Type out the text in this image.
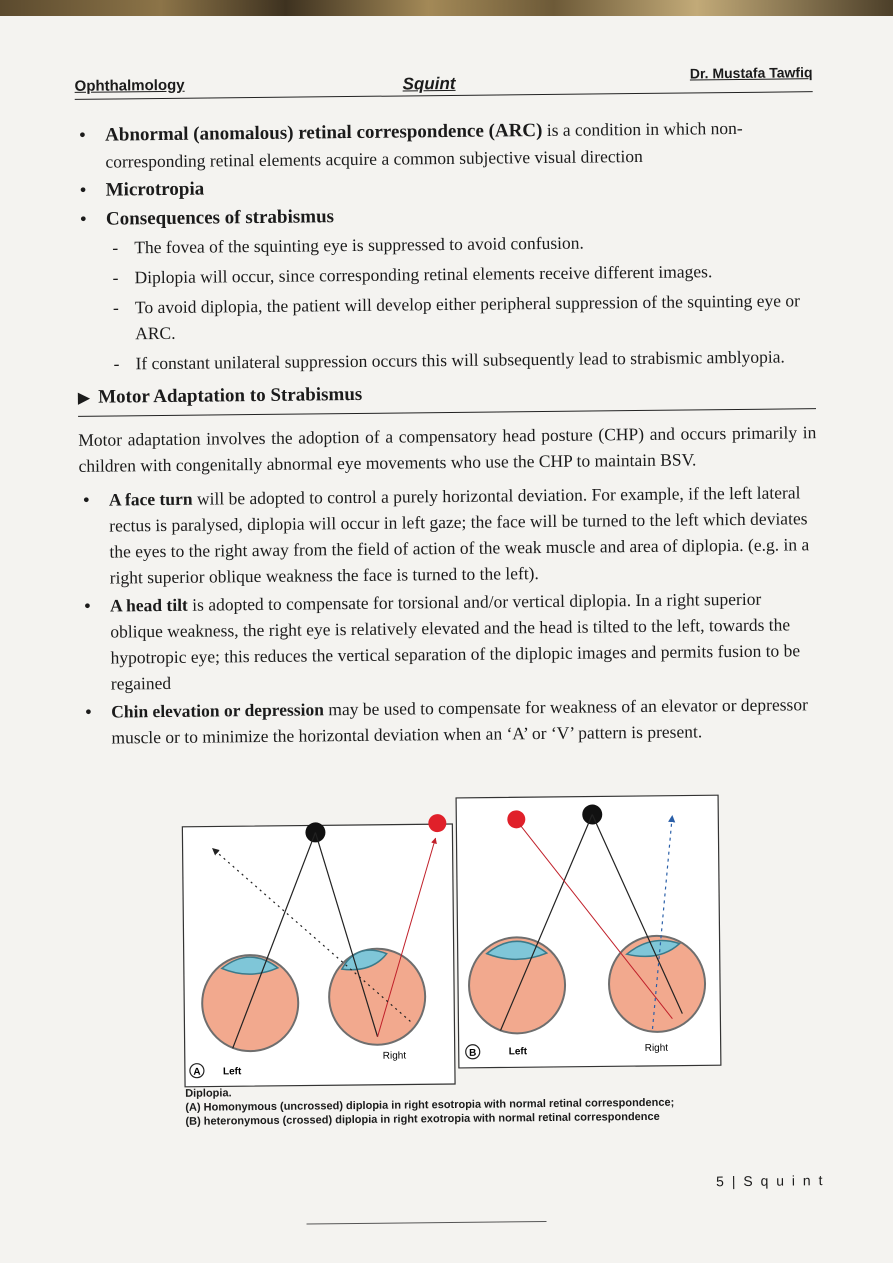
Ophthalmology	Squint
Dr. Mustafa Tawfiq
● Abnormal (anomalous) retinal correspondence (ARC) is a condition in which non-corresponding retinal elements acquire a common subjective visual direction
● Microtropia
● Consequences of strabismus
- The fovea of the squinting eye is suppressed to avoid confusion.
- Diplopia will occur, since corresponding retinal elements receive different images.
- To avoid diplopia, the patient will develop either peripheral suppression of the squinting eye or ARC.
- If constant unilateral suppression occurs this will subsequently lead to strabismic amblyopia.
▶ Motor Adaptation to Strabismus

Motor adaptation involves the adoption of a compensatory head posture (CHP) and occurs primarily in children with congenitally abnormal eye movements who use the CHP to maintain BSV.

● A face turn will be adopted to control a purely horizontal deviation. For example, if the left lateral rectus is paralysed, diplopia will occur in left gaze; the face will be turned to the left which deviates the eyes to the right away from the field of action of the weak muscle and area of diplopia. (e.g. in a right superior oblique weakness the face is turned to the left).
● A head tilt is adopted to compensate for torsional and/or vertical diplopia. In a right superior oblique weakness, the right eye is relatively elevated and the head is tilted to the left, towards the hypotropic eye; this reduces the vertical separation of the diplopic images and permits fusion to be regained
● Chin elevation or depression may be used to compensate for weakness of an elevator or depressor muscle or to minimize the horizontal deviation when an ‘A’ or ‘V’ pattern is present.
A Left
Right	B	Left	Right
Diplopia.
(A) Homonymous (uncrossed) diplopia in right esotropia with normal retinal correspondence;
(B) heteronymous (crossed) diplopia in right exotropia with normal retinal correspondence
5 | S q u i n t
